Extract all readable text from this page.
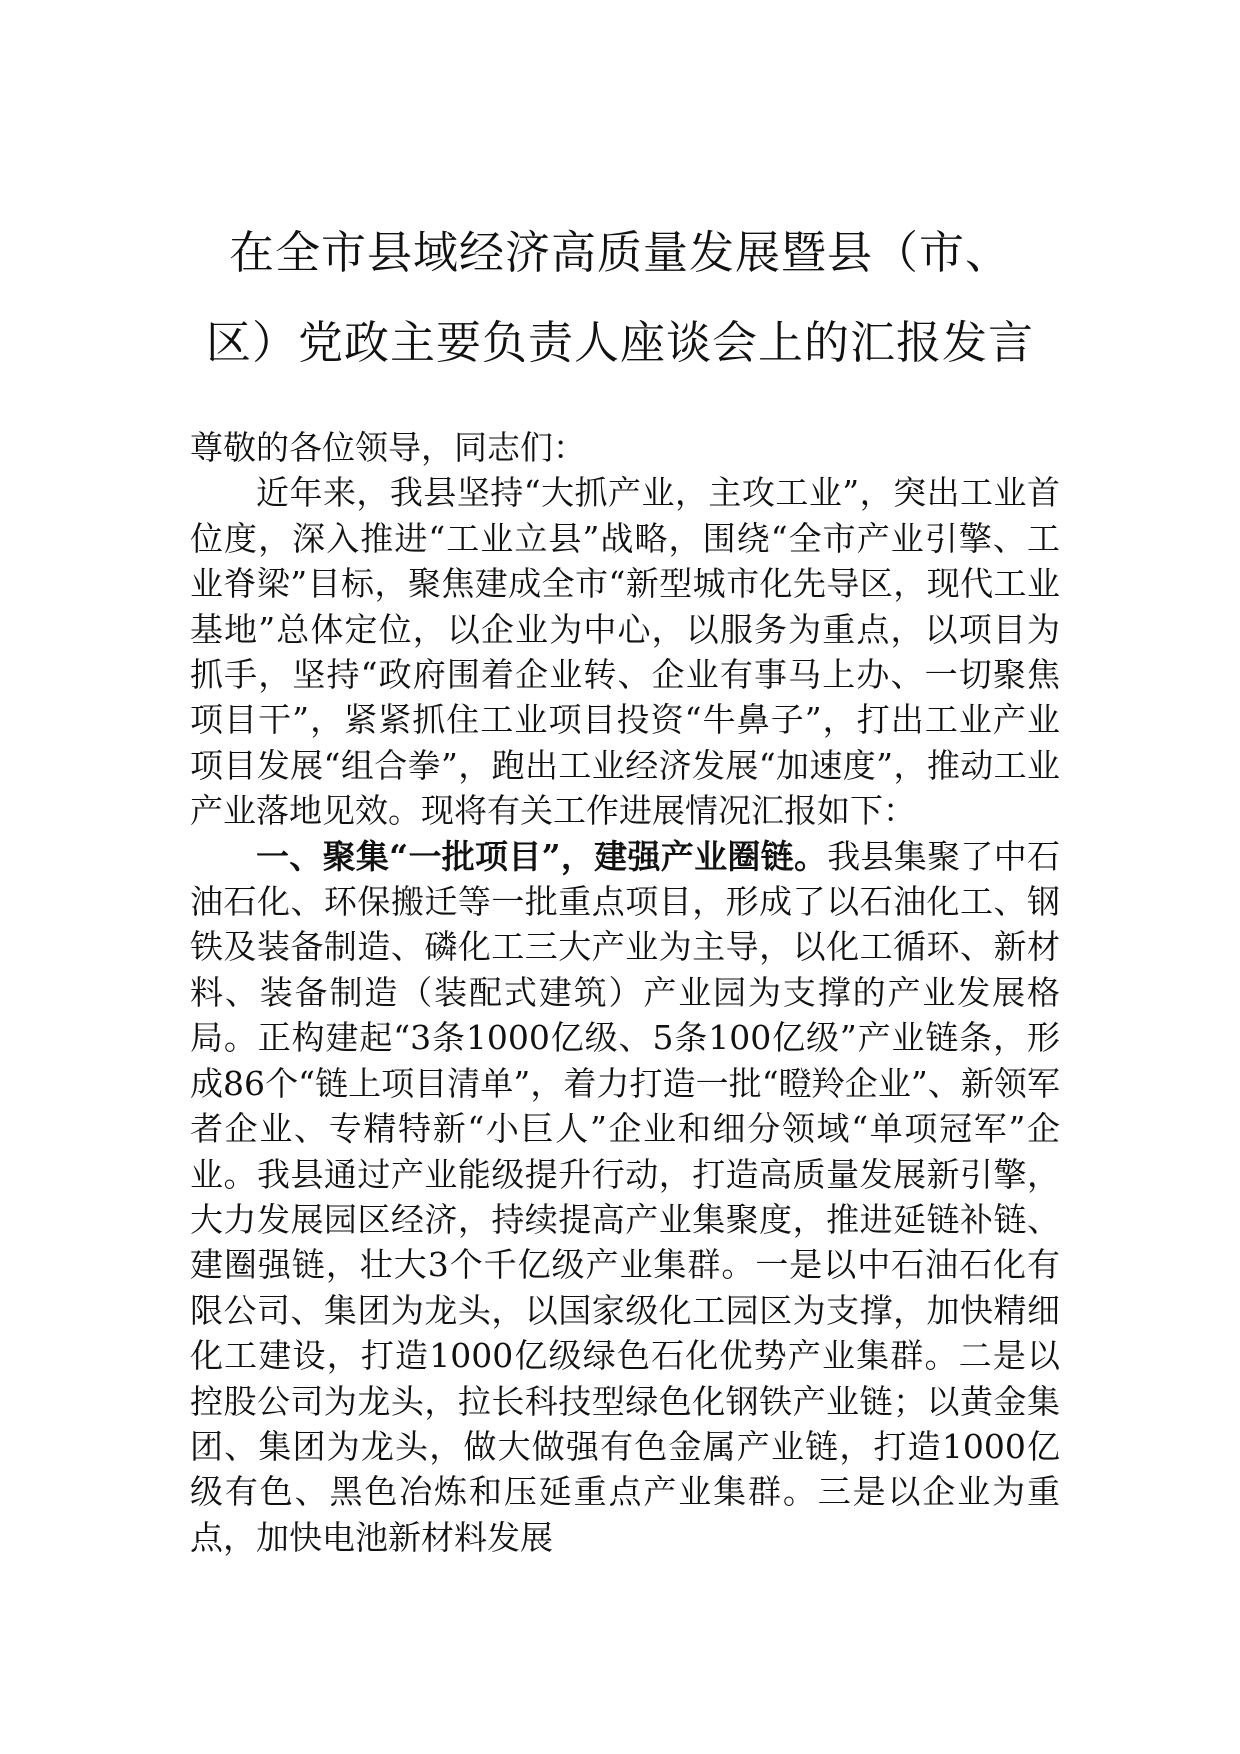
在全市县域经济高质量发展暨县（市、
区）党政主要负责人座谈会上的汇报发言

尊敬的各位领导，同志们：

近年来，我县坚持“大抓产业，主攻工业”，突出工业首位度，深入推进“工业立县”战略，围绕“全市产业引擎、工业脊梁”目标，聚焦建成全市“新型城市化先导区，现代工业基地”总体定位，以企业为中心，以服务为重点，以项目为抓手，坚持“政府围着企业转、企业有事马上办、一切聚焦项目干”，紧紧抓住工业项目投资“牛鼻子”，打出工业产业项目发展“组合拳”，跑出工业经济发展“加速度”，推动工业产业落地见效。现将有关工作进展情况汇报如下：

一、聚集“一批项目”，建强产业圈链。我县集聚了中石油石化、环保搬迁等一批重点项目，形成了以石油化工、钢铁及装备制造、磷化工三大产业为主导，以化工循环、新材料、装备制造（装配式建筑）产业园为支撑的产业发展格局。正构建起“3条1000亿级、5条100亿级”产业链条，形成86个“链上项目清单”，着力打造一批“瞪羚企业”、新领军者企业、专精特新“小巨人”企业和细分领域“单项冠军”企业。我县通过产业能级提升行动，打造高质量发展新引擎，大力发展园区经济，持续提高产业集聚度，推进延链补链、建圈强链，壮大3个千亿级产业集群。一是以中石油石化有限公司、集团为龙头，以国家级化工园区为支撑，加快精细化工建设，打造1000亿级绿色石化优势产业集群。二是以控股公司为龙头，拉长科技型绿色化钢铁产业链；以黄金集团、集团为龙头，做大做强有色金属产业链，打造1000亿级有色、黑色冶炼和压延重点产业集群。三是以企业为重点，加快电池新材料发展
